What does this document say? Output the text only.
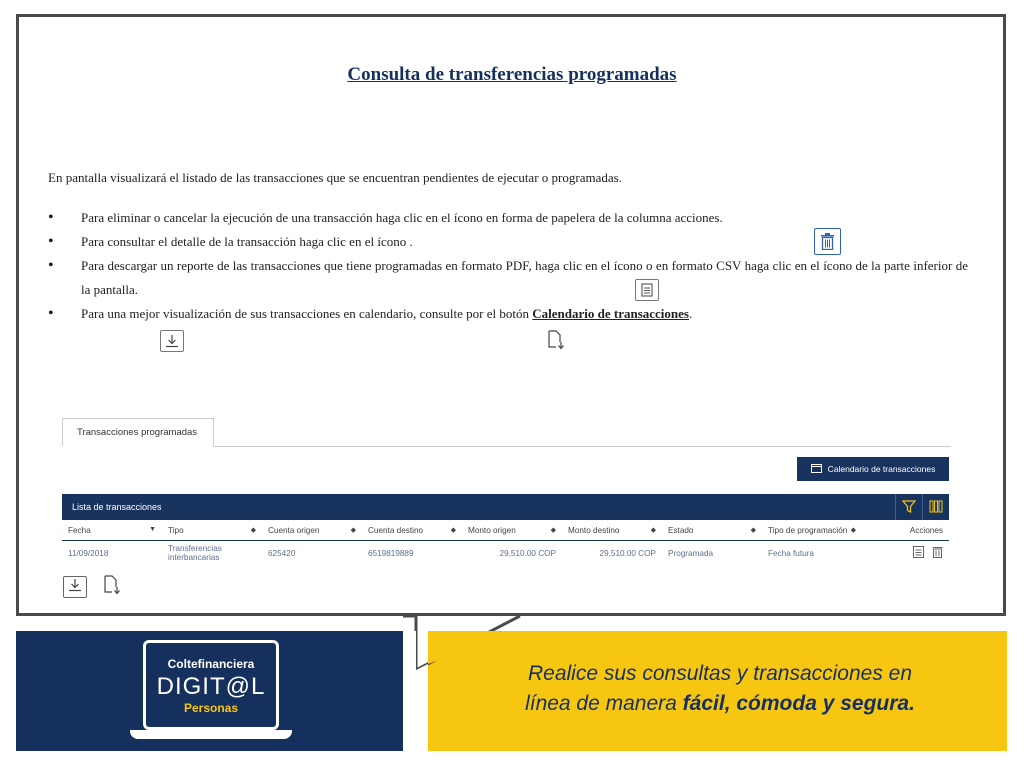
Consulta de transferencias programadas
En pantalla visualizará el listado de las transacciones que se encuentran pendientes de ejecutar o programadas.
• Para eliminar o cancelar la ejecución de una transacción haga clic en el ícono en forma de papelera de la columna acciones.
• Para consultar el detalle de la transacción haga clic en el ícono .
• Para descargar un reporte de las transacciones que tiene programadas en formato PDF, haga clic en el ícono o en formato CSV haga clic en el ícono de la parte inferior de la pantalla.
• Para una mejor visualización de sus transacciones en calendario, consulte por el botón Calendario de transacciones.
Transacciones programadas
Calendario de transacciones
Lista de transacciones
Fecha ▼	Tipo ◆	Cuenta origen ◆	Cuenta destino ◆	Monto origen ◆	Monto destino ◆	Estado ◆	Tipo de programación ◆	Acciones
11/09/2018	Transferencias interbancarias	625420	6519819889	29,510.00 COP	29,510.00 COP	Programada	Fecha futura	
Coltefinanciera
DIGIT@L
Personas
Realice sus consultas y transacciones en
línea de manera fácil, cómoda y segura.
